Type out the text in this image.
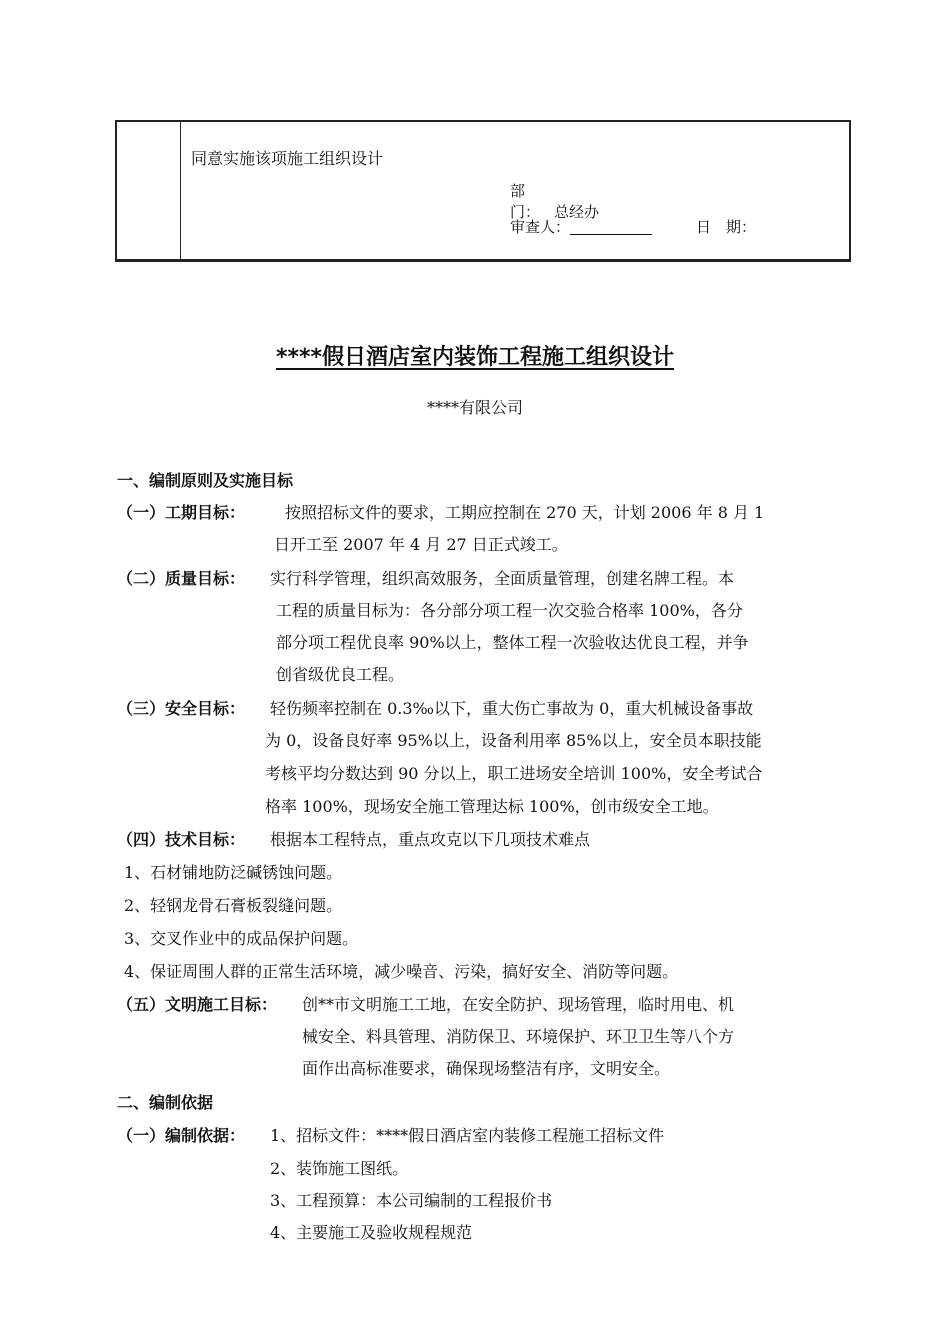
同意实施该项施工组织设计
部　门： 总经办
审查人：	日　期：
****假日酒店室内装饰工程施工组织设计
****有限公司
一、编制原则及实施目标
（一）工期目标： 按照招标文件的要求，工期应控制在 270 天，计划 2006 年 8 月 1
日开工至 2007 年 4 月 27 日正式竣工。
（二）质量目标： 实行科学管理，组织高效服务，全面质量管理，创建名牌工程。本
工程的质量目标为：各分部分项工程一次交验合格率 100%，各分
部分项工程优良率 90%以上，整体工程一次验收达优良工程，并争
创省级优良工程。
（三）安全目标： 轻伤频率控制在 0.3‰以下，重大伤亡事故为 0，重大机械设备事故
为 0，设备良好率 95%以上，设备利用率 85%以上，安全员本职技能
考核平均分数达到 90 分以上，职工进场安全培训 100%，安全考试合
格率 100%，现场安全施工管理达标 100%，创市级安全工地。
（四）技术目标： 根据本工程特点，重点攻克以下几项技术难点
1、石材铺地防泛碱锈蚀问题。
2、轻钢龙骨石膏板裂缝问题。
3、交叉作业中的成品保护问题。
4、保证周围人群的正常生活环境，减少噪音、污染，搞好安全、消防等问题。
（五）文明施工目标： 创**市文明施工工地，在安全防护、现场管理，临时用电、机
械安全、料具管理、消防保卫、环境保护、环卫卫生等八个方
面作出高标准要求，确保现场整洁有序，文明安全。
二、编制依据
（一）编制依据： 1、招标文件：****假日酒店室内装修工程施工招标文件
2、装饰施工图纸。
3、工程预算：本公司编制的工程报价书
4、主要施工及验收规程规范
